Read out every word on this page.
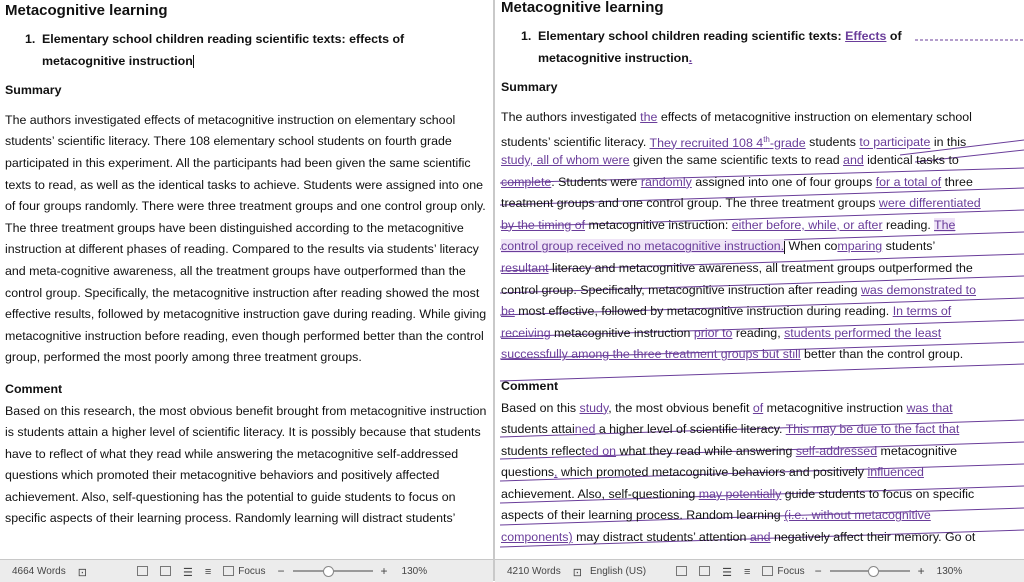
Metacognitive learning
1. Elementary school children reading scientific texts: effects of
metacognitive instruction
Summary
The authors investigated effects of metacognitive instruction on elementary school
students’ scientific literacy. There 108 elementary school students on fourth grade
participated in this experiment. All the participants had been given the same scientific
texts to read, as well as the identical tasks to achieve. Students were assigned into one
of four groups randomly. There were three treatment groups and one control group only.
The three treatment groups have been distinguished according to the metacognitive
instruction at different phases of reading. Compared to the results via students’ literacy
and meta-cognitive awareness, all the treatment groups have outperformed than the
control group. Specifically, the metacognitive instruction after reading showed the most
effective results, followed by metacognitive instruction gave during reading. While giving
metacognitive instruction before reading, even though performed better than the control
group, performed the most poorly among three treatment groups.
Comment
Based on this research, the most obvious benefit brought from metacognitive instruction
is students attain a higher level of scientific literacy. It is possibly because that students
have to reflect of what they read while answering the metacognitive self-addressed
questions which promoted their metacognitive behaviors and positively affected
achievement. Also, self-questioning has the potential to guide students to focus on
specific aspects of their learning process. Randomly learning will distract students’
Metacognitive learning
1. Elementary school children reading scientific texts: Effects of
metacognitive instruction.
Summary
The authors investigated the effects of metacognitive instruction on elementary school
students’ scientific literacy. They recruited 108 4th-grade students to participate in this
study, all of whom were given the same scientific texts to read and identical tasks to
complete. Students were randomly assigned into one of four groups for a total of three
treatment groups and one control group. The three treatment groups were differentiated
by the timing of metacognitive instruction: either before, while, or after reading. The
control group received no metacognitive instruction. When comparing students’
resultant literacy and metacognitive awareness, all treatment groups outperformed the
control group. Specifically, metacognitive instruction after reading was demonstrated to
be most effective, followed by metacognitive instruction during reading. In terms of
receiving metacognitive instruction prior to reading, students performed the least
successfully among the three treatment groups but still better than the control group.
Comment
Based on this study, the most obvious benefit of metacognitive instruction was that
students attained a higher level of scientific literacy. This may be due to the fact that
students reflected on what they read while answering self-addressed metacognitive
questions, which promoted metacognitive behaviors and positively influenced
achievement. Also, self-questioning may potentially guide students to focus on specific
aspects of their learning process. Random learning (i.e., without metacognitive
components) may distract students’ attention and negatively affect their memory. Go ot
4664 Words ⊡	☰ ≡	Focus −	+ 130%	4210 Words ⊡ English (US)	☰ ≡	Focus −	+ 130%
